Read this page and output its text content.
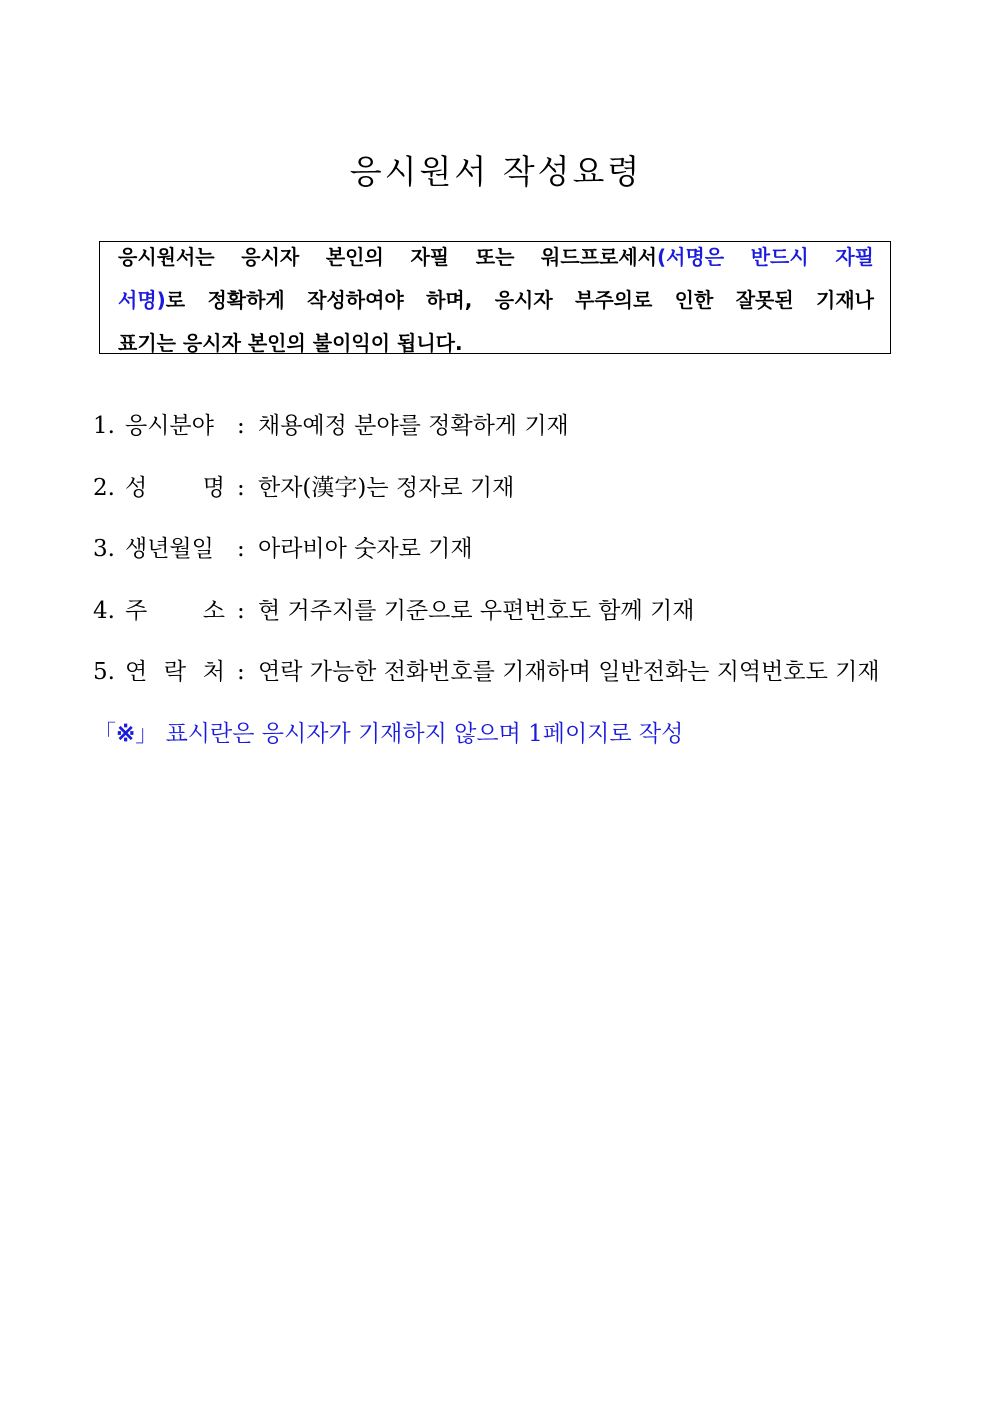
응시원서 작성요령
응시원서는 응시자 본인의 자필 또는 워드프로세서(서명은 반드시 자필
서명)로 정확하게 작성하여야 하며, 응시자 부주의로 인한 잘못된 기재나
표기는 응시자 본인의 불이익이 됩니다.
1. 응시분야	: 채용예정 분야를 정확하게 기재
2. 성 명 : 한자(漢字)는 정자로 기재
3. 생년월일	: 아라비아 숫자로 기재
4. 주 소 : 현 거주지를 기준으로 우편번호도 함께 기재
5. 연 락 처 : 연락 가능한 전화번호를 기재하며 일반전화는 지역번호도 기재
「※」 표시란은 응시자가 기재하지 않으며 1페이지로 작성
